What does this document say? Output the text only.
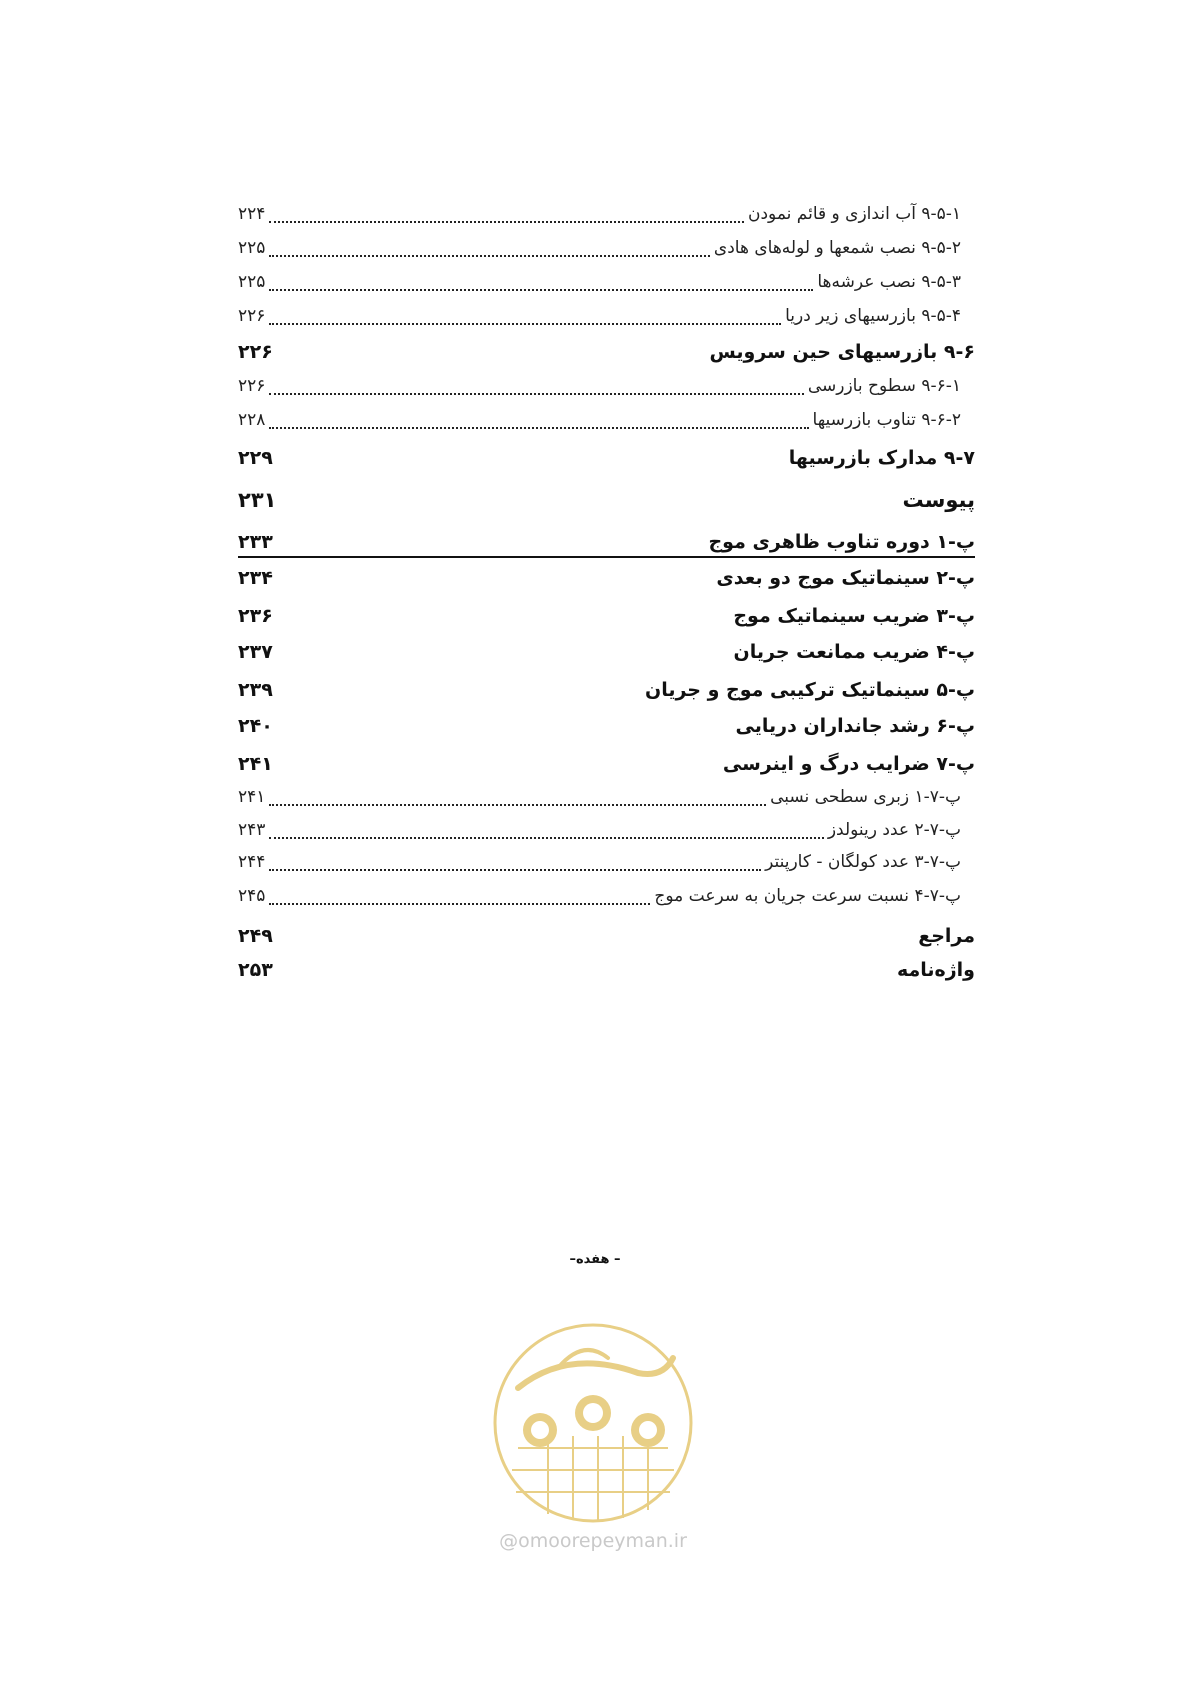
۹-۵-۱ آب اندازی و قائم نمودن
۲۲۴
۹-۵-۲ نصب شمعها و لوله‌های هادی
۲۲۵
۹-۵-۳ نصب عرشه‌ها
۲۲۵
۹-۵-۴ بازرسیهای زیر دریا
۲۲۶
۹-۶ بازرسیهای حین سرویس
۲۲۶
۹-۶-۱ سطوح بازرسی
۲۲۶
۹-۶-۲ تناوب بازرسیها
۲۲۸
۹-۷ مدارک بازرسیها
۲۲۹
پیوست
۲۳۱
پ-۱ دوره تناوب ظاهری موج
۲۳۳
پ-۲ سینماتیک موج دو بعدی
۲۳۴
پ-۳ ضریب سینماتیک موج
۲۳۶
پ-۴ ضریب ممانعت جریان
۲۳۷
پ-۵ سینماتیک ترکیبی موج و جریان
۲۳۹
پ-۶ رشد جانداران دریایی
۲۴۰
پ-۷ ضرایب درگ و اینرسی
۲۴۱
پ-۷-۱ زبری سطحی نسبی
۲۴۱
پ-۷-۲ عدد رینولدز
۲۴۳
پ-۷-۳ عدد کولگان - کارپنتر
۲۴۴
پ-۷-۴ نسبت سرعت جریان به سرعت موج
۲۴۵
مراجع
۲۴۹
واژه‌نامه
۲۵۳
– هفده–
@omoorepeyman.ir
